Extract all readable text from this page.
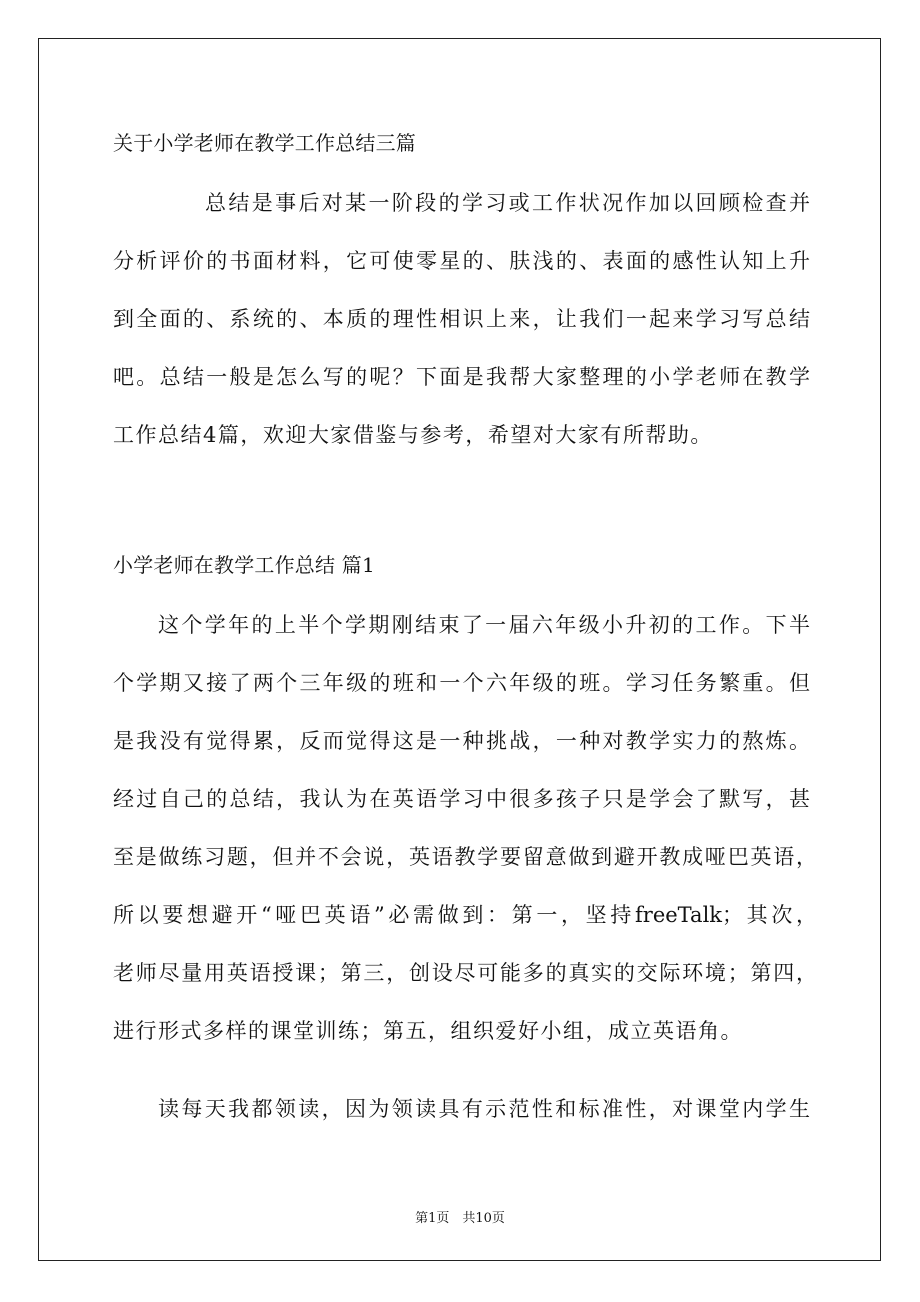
关于小学老师在教学工作总结三篇
总结是事后对某一阶段的学习或工作状况作加以回顾检查并
分析评价的书面材料，它可使零星的、肤浅的、表面的感性认知上升
到全面的、系统的、本质的理性相识上来，让我们一起来学习写总结
吧。总结一般是怎么写的呢？下面是我帮大家整理的小学老师在教学
工作总结4篇，欢迎大家借鉴与参考，希望对大家有所帮助。
小学老师在教学工作总结 篇1
这个学年的上半个学期刚结束了一届六年级小升初的工作。下半
个学期又接了两个三年级的班和一个六年级的班。学习任务繁重。但
是我没有觉得累，反而觉得这是一种挑战，一种对教学实力的熬炼。
经过自己的总结，我认为在英语学习中很多孩子只是学会了默写，甚
至是做练习题，但并不会说，英语教学要留意做到避开教成哑巴英语，
所以要想避开“哑巴英语”必需做到：第一，坚持freeTalk；其次，
老师尽量用英语授课；第三，创设尽可能多的真实的交际环境；第四，
进行形式多样的课堂训练；第五，组织爱好小组，成立英语角。
读每天我都领读，因为领读具有示范性和标准性，对课堂内学生
第1页　共10页
